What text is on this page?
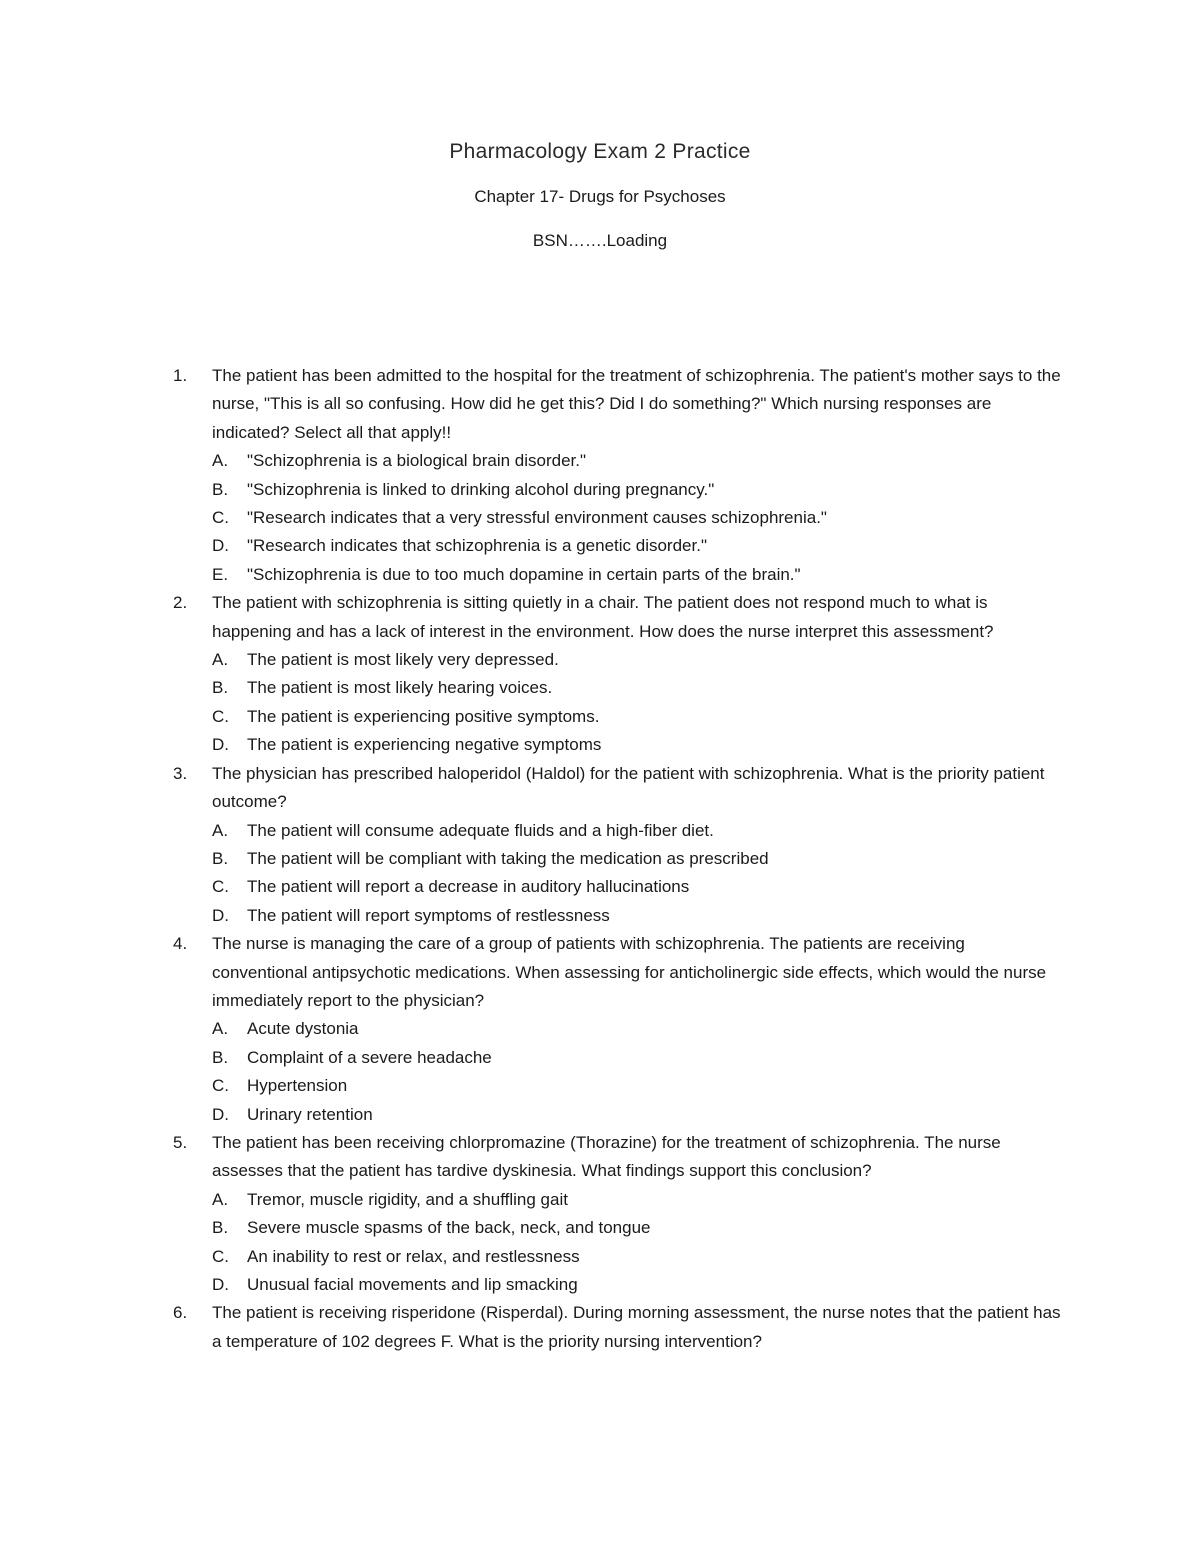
Pharmacology Exam 2 Practice
Chapter 17- Drugs for Psychoses
BSN…….Loading
1. The patient has been admitted to the hospital for the treatment of schizophrenia. The patient's mother says to the nurse, "This is all so confusing. How did he get this? Did I do something?" Which nursing responses are indicated? Select all that apply!!
A. "Schizophrenia is a biological brain disorder."
B. "Schizophrenia is linked to drinking alcohol during pregnancy."
C. "Research indicates that a very stressful environment causes schizophrenia."
D. "Research indicates that schizophrenia is a genetic disorder."
E. "Schizophrenia is due to too much dopamine in certain parts of the brain."
2. The patient with schizophrenia is sitting quietly in a chair. The patient does not respond much to what is happening and has a lack of interest in the environment. How does the nurse interpret this assessment?
A. The patient is most likely very depressed.
B. The patient is most likely hearing voices.
C. The patient is experiencing positive symptoms.
D. The patient is experiencing negative symptoms
3. The physician has prescribed haloperidol (Haldol) for the patient with schizophrenia. What is the priority patient outcome?
A. The patient will consume adequate fluids and a high-fiber diet.
B. The patient will be compliant with taking the medication as prescribed
C. The patient will report a decrease in auditory hallucinations
D. The patient will report symptoms of restlessness
4. The nurse is managing the care of a group of patients with schizophrenia. The patients are receiving conventional antipsychotic medications. When assessing for anticholinergic side effects, which would the nurse immediately report to the physician?
A. Acute dystonia
B. Complaint of a severe headache
C. Hypertension
D. Urinary retention
5. The patient has been receiving chlorpromazine (Thorazine) for the treatment of schizophrenia. The nurse assesses that the patient has tardive dyskinesia. What findings support this conclusion?
A. Tremor, muscle rigidity, and a shuffling gait
B. Severe muscle spasms of the back, neck, and tongue
C. An inability to rest or relax, and restlessness
D. Unusual facial movements and lip smacking
6. The patient is receiving risperidone (Risperdal). During morning assessment, the nurse notes that the patient has a temperature of 102 degrees F. What is the priority nursing intervention?
